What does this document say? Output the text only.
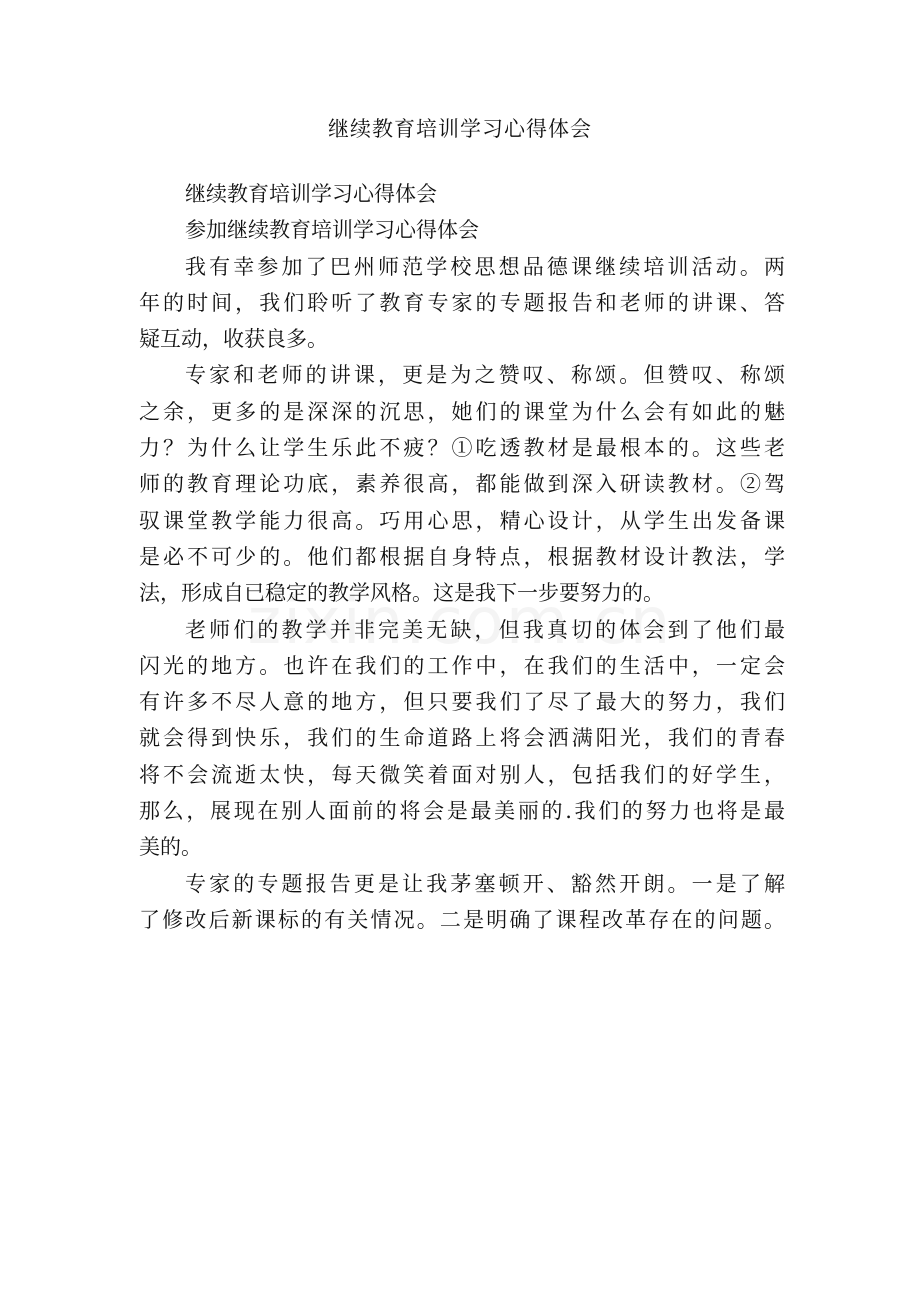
继续教育培训学习心得体会
继续教育培训学习心得体会
参加继续教育培训学习心得体会
我有幸参加了巴州师范学校思想品德课继续培训活动。两
年的时间，我们聆听了教育专家的专题报告和老师的讲课、答
疑互动，收获良多。
专家和老师的讲课，更是为之赞叹、称颂。但赞叹、称颂
之余，更多的是深深的沉思，她们的课堂为什么会有如此的魅
力？为什么让学生乐此不疲？①吃透教材是最根本的。这些老
师的教育理论功底，素养很高，都能做到深入研读教材。②驾
驭课堂教学能力很高。巧用心思，精心设计，从学生出发备课
是必不可少的。他们都根据自身特点，根据教材设计教法，学
法，形成自已稳定的教学风格。这是我下一步要努力的。
老师们的教学并非完美无缺，但我真切的体会到了他们最
闪光的地方。也许在我们的工作中，在我们的生活中，一定会
有许多不尽人意的地方，但只要我们了尽了最大的努力，我们
就会得到快乐，我们的生命道路上将会洒满阳光，我们的青春
将不会流逝太快，每天微笑着面对别人，包括我们的好学生，
那么，展现在别人面前的将会是最美丽的.我们的努力也将是最
美的。
专家的专题报告更是让我茅塞顿开、豁然开朗。一是了解
了修改后新课标的有关情况。二是明确了课程改革存在的问题。
